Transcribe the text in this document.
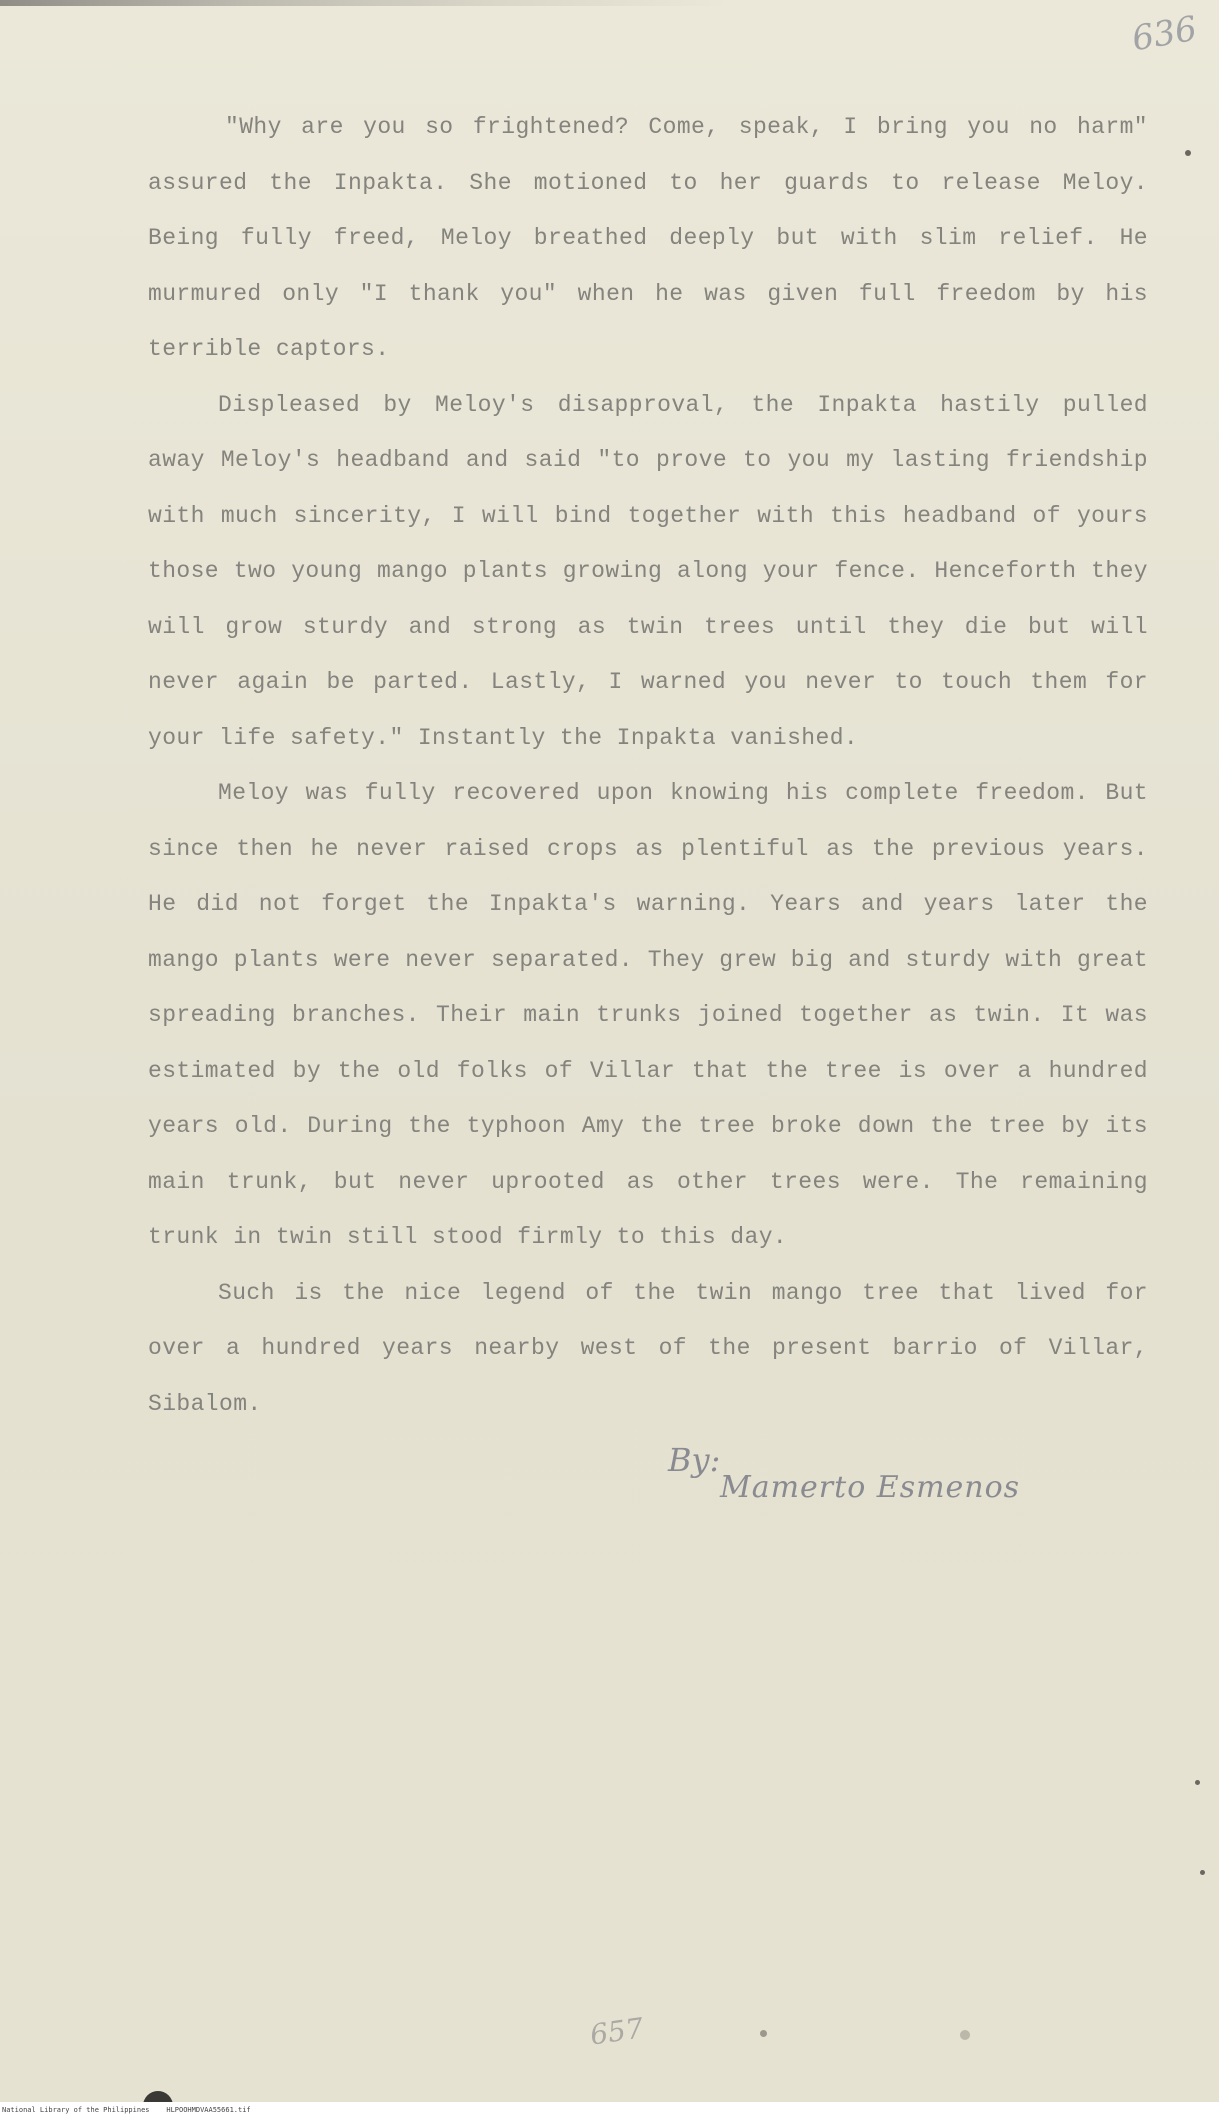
636

"Why are you so frightened? Come, speak, I bring you no harm" assured the Inpakta. She motioned to her guards to release Meloy. Being fully freed, Meloy breathed deeply but with slim relief. He murmured only "I thank you" when he was given full freedom by his terrible captors.

Displeased by Meloy's disapproval, the Inpakta hastily pulled away Meloy's headband and said "to prove to you my lasting friendship with much sincerity, I will bind together with this headband of yours those two young mango plants growing along your fence. Henceforth they will grow sturdy and strong as twin trees until they die but will never again be parted. Lastly, I warned you never to touch them for your life safety." Instantly the Inpakta vanished.

Meloy was fully recovered upon knowing his complete freedom. But since then he never raised crops as plentiful as the previous years. He did not forget the Inpakta's warning. Years and years later the mango plants were never separated. They grew big and sturdy with great spreading branches. Their main trunks joined together as twin. It was estimated by the old folks of Villar that the tree is over a hundred years old. During the typhoon Amy the tree broke down the tree by its main trunk, but never uprooted as other trees were. The remaining trunk in twin still stood firmly to this day.

Such is the nice legend of the twin mango tree that lived for over a hundred years nearby west of the present barrio of Villar, Sibalom.

By:
Mamerto Esmenos
657
National Library of the Philippines    HLPOOHMDVAA55661.tif
